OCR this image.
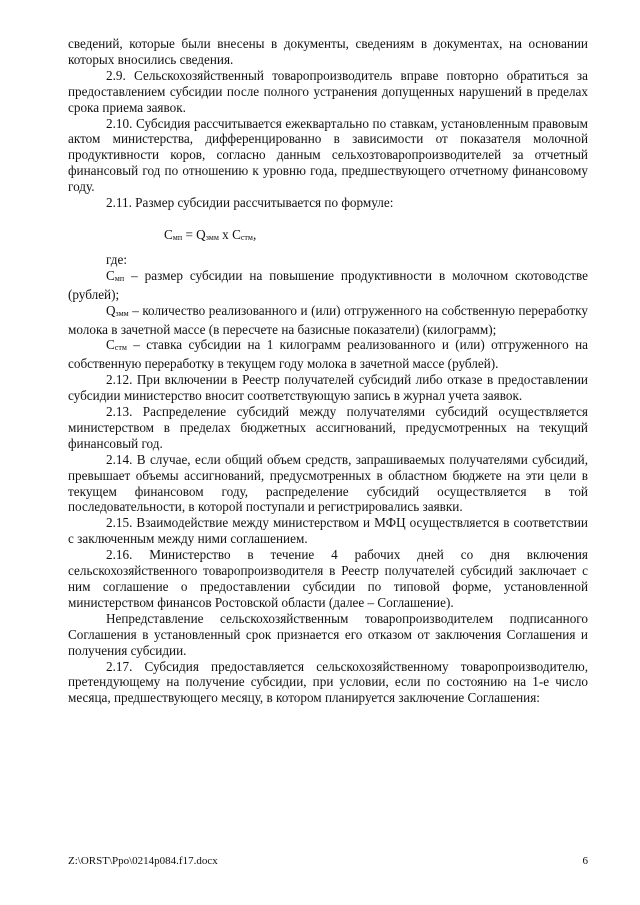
сведений, которые были внесены в документы, сведениям в документах, на основании которых вносились сведения.

2.9. Сельскохозяйственный товаропроизводитель вправе повторно обратиться за предоставлением субсидии после полного устранения допущенных нарушений в пределах срока приема заявок.

2.10. Субсидия рассчитывается ежеквартально по ставкам, установленным правовым актом министерства, дифференцированно в зависимости от показателя молочной продуктивности коров, согласно данным сельхозтоваропроизводителей за отчетный финансовый год по отношению к уровню года, предшествующего отчетному финансовому году.

2.11. Размер субсидии рассчитывается по формуле:

$С_{мп} = Q_{змм}$ х $С_{стм}$,

где:

$С_{мп}$ – размер субсидии на повышение продуктивности в молочном скотоводстве (рублей);

$Q_{змм}$ – количество реализованного и (или) отгруженного на собственную переработку молока в зачетной массе (в пересчете на базисные показатели) (килограмм);

$С_{стм}$ – ставка субсидии на 1 килограмм реализованного и (или) отгруженного на собственную переработку в текущем году молока в зачетной массе (рублей).

2.12. При включении в Реестр получателей субсидий либо отказе в предоставлении субсидии министерство вносит соответствующую запись в журнал учета заявок.

2.13. Распределение субсидий между получателями субсидий осуществляется министерством в пределах бюджетных ассигнований, предусмотренных на текущий финансовый год.

2.14. В случае, если общий объем средств, запрашиваемых получателями субсидий, превышает объемы ассигнований, предусмотренных в областном бюджете на эти цели в текущем финансовом году, распределение субсидий осуществляется в той последовательности, в которой поступали и регистрировались заявки.

2.15. Взаимодействие между министерством и МФЦ осуществляется в соответствии с заключенным между ними соглашением.

2.16. Министерство в течение 4 рабочих дней со дня включения сельскохозяйственного товаропроизводителя в Реестр получателей субсидий заключает с ним соглашение о предоставлении субсидии по типовой форме, установленной министерством финансов Ростовской области (далее – Соглашение).

Непредставление сельскохозяйственным товаропроизводителем подписанного Соглашения в установленный срок признается его отказом от заключения Соглашения и получения субсидии.

2.17. Субсидия предоставляется сельскохозяйственному товаропроизводителю, претендующему на получение субсидии, при условии, если по состоянию на 1-е число месяца, предшествующего месяцу, в котором планируется заключение Соглашения:

Z:\ORST\Ppo\0214p084.f17.docx	6
